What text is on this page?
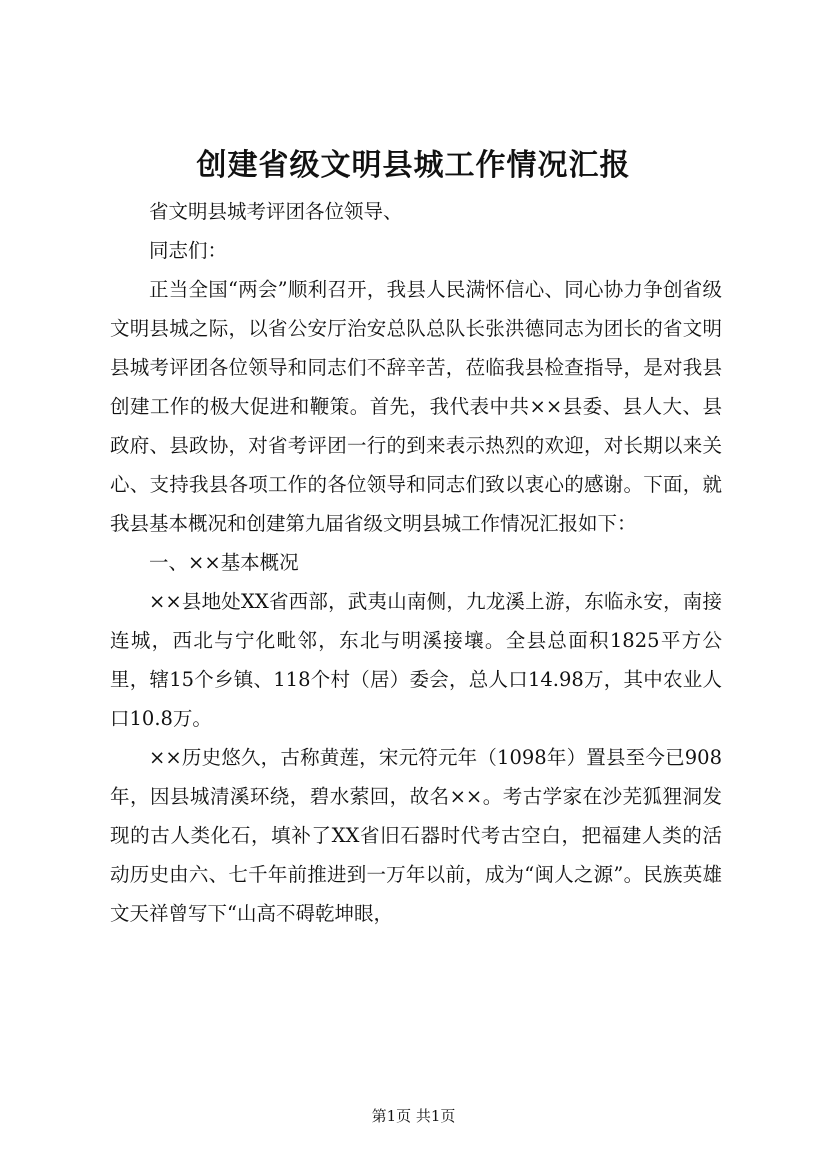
创建省级文明县城工作情况汇报

省文明县城考评团各位领导、

同志们：

正当全国“两会”顺利召开，我县人民满怀信心、同心协力争创省级文明县城之际，以省公安厅治安总队总队长张洪德同志为团长的省文明县城考评团各位领导和同志们不辞辛苦，莅临我县检查指导，是对我县创建工作的极大促进和鞭策。首先，我代表中共××县委、县人大、县政府、县政协，对省考评团一行的到来表示热烈的欢迎，对长期以来关心、支持我县各项工作的各位领导和同志们致以衷心的感谢。下面，就我县基本概况和创建第九届省级文明县城工作情况汇报如下：

一、××基本概况

××县地处XX省西部，武夷山南侧，九龙溪上游，东临永安，南接连城，西北与宁化毗邻，东北与明溪接壤。全县总面积1825平方公里，辖15个乡镇、118个村（居）委会，总人口14.98万，其中农业人口10.8万。

××历史悠久，古称黄莲，宋元符元年（1098年）置县至今已908年，因县城清溪环绕，碧水萦回，故名××。考古学家在沙芜狐狸洞发现的古人类化石，填补了XX省旧石器时代考古空白，把福建人类的活动历史由六、七千年前推进到一万年以前，成为“闽人之源”。民族英雄文天祥曾写下“山高不碍乾坤眼，

第1页 共1页
